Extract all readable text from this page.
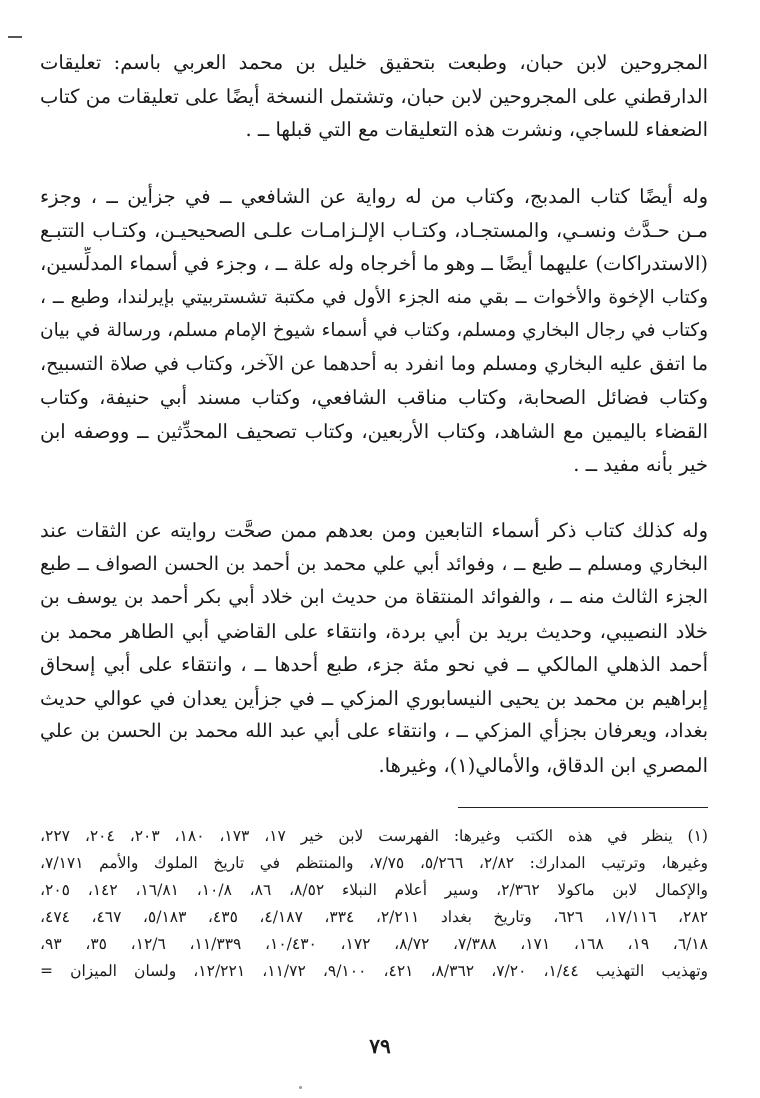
المجروحين لابن حبان، وطبعت بتحقيق خليل بن محمد العربي باسم: تعليقات
الدارقطني على المجروحين لابن حبان، وتشتمل النسخة أيضًا على تعليقات من كتاب
الضعفاء للساجي، ونشرت هذه التعليقات مع التي قبلها ــ .
وله أيضًا كتاب المدبج، وكتاب من له رواية عن الشافعي ــ في جزأين ــ ، وجزء
مـن حـدَّث ونسـي، والمستجـاد، وكتـاب الإلـزامـات علـى الصحيحيـن، وكتـاب التتبـع
(الاستدراكات) عليهما أيضًا ــ وهو ما أخرجاه وله علة ــ ، وجزء في أسماء المدلِّسين،
وكتاب الإخوة والأخوات ــ بقي منه الجزء الأول في مكتبة تشستربيتي بإيرلندا، وطبع ــ ،
وكتاب في رجال البخاري ومسلم، وكتاب في أسماء شيوخ الإمام مسلم، ورسالة في بيان
ما اتفق عليه البخاري ومسلم وما انفرد به أحدهما عن الآخر، وكتاب في صلاة التسبيح،
وكتاب فضائل الصحابة، وكتاب مناقب الشافعي، وكتاب مسند أبي حنيفة، وكتاب
القضاء باليمين مع الشاهد، وكتاب الأربعين، وكتاب تصحيف المحدِّثين ــ ووصفه ابن
خير بأنه مفيد ــ .
وله كذلك كتاب ذكر أسماء التابعين ومن بعدهم ممن صحَّت روايته عن الثقات عند
البخاري ومسلم ــ طبع ــ ، وفوائد أبي علي محمد بن أحمد بن الحسن الصواف ــ طبع
الجزء الثالث منه ــ ، والفوائد المنتقاة من حديث ابن خلاد أبي بكر أحمد بن يوسف بن
خلاد النصيبي، وحديث بريد بن أبي بردة، وانتقاء على القاضي أبي الطاهر محمد بن
أحمد الذهلي المالكي ــ في نحو مئة جزء، طبع أحدها ــ ، وانتقاء على أبي إسحاق
إبراهيم بن محمد بن يحيى النيسابوري المزكي ــ في جزأين يعدان في عوالي حديث
بغداد، ويعرفان بجزأي المزكي ــ ، وانتقاء على أبي عبد الله محمد بن الحسن بن علي
المصري ابن الدقاق، والأمالي(١)، وغيرها.
(١) ينظر في هذه الكتب وغيرها: الفهرست لابن خير ١٧، ١٧٣، ١٨٠، ٢٠٣، ٢٠٤، ٢٢٧،
وغيرها، وترتيب المدارك: ٢/٨٢، ٥/٢٦٦، ٧/٧٥، والمنتظم في تاريخ الملوك والأمم ٧/١٧١،
والإكمال لابن ماكولا ٢/٣٦٢، وسير أعلام النبلاء ٨/٥٢، ٨٦، ١٠/٨، ١٦/٨١، ١٤٢، ٢٠٥،
٢٨٢، ١٧/١١٦، ٦٢٦، وتاريخ بغداد ٢/٢١١، ٣٣٤، ٤/١٨٧، ٤٣٥، ٥/١٨٣، ٤٦٧، ٤٧٤،
٦/١٨، ١٩، ١٦٨، ١٧١، ٧/٣٨٨، ٨/٧٢، ١٧٢، ١٠/٤٣٠، ١١/٣٣٩، ١٢/٦، ٣٥، ٩٣،
وتهذيب التهذيب ١/٤٤، ٧/٢٠، ٨/٣٦٢، ٤٢١، ٩/١٠٠، ١١/٧٢، ١٢/٢٢١، ولسان الميزان =
٧٩
